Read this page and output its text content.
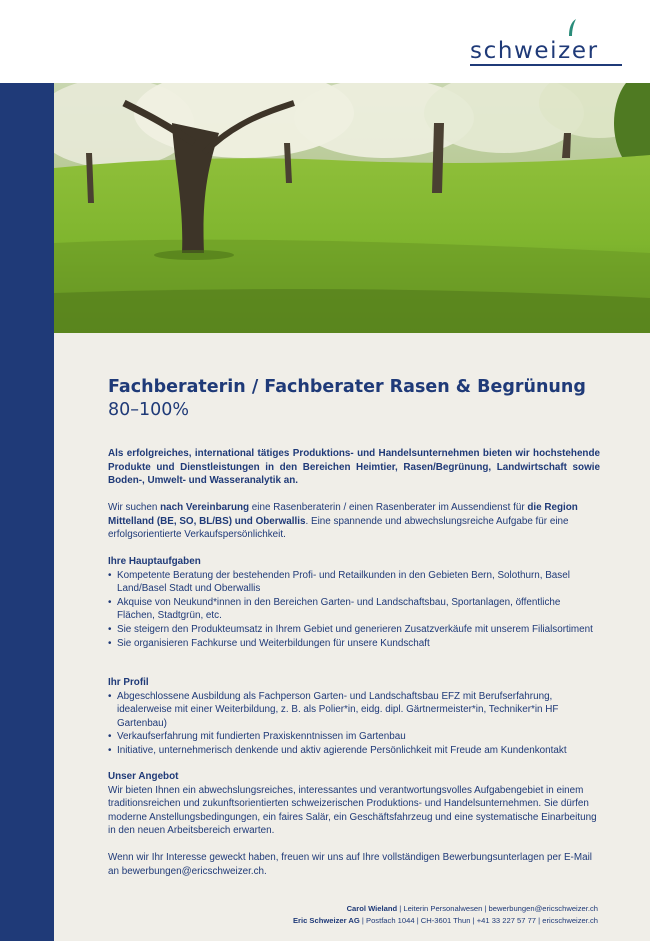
schweizer
Fachberaterin / Fachberater Rasen & Begrünung
80–100%
Als erfolgreiches, international tätiges Produktions- und Handelsunternehmen bieten wir hochstehende Produkte und Dienstleistungen in den Bereichen Heimtier, Rasen/Begrünung, Landwirtschaft sowie Boden-, Umwelt- und Wasseranalytik an.
Wir suchen nach Vereinbarung eine Rasenberaterin / einen Rasenberater im Aussendienst für die Region Mittelland (BE, SO, BL/BS) und Oberwallis. Eine spannende und abwechslungsreiche Aufgabe für eine erfolgsorientierte Verkaufspersönlichkeit.
Ihre Hauptaufgaben
• Kompetente Beratung der bestehenden Profi- und Retailkunden in den Gebieten Bern, Solothurn, Basel Land/Basel Stadt und Oberwallis
• Akquise von Neukund*innen in den Bereichen Garten- und Landschaftsbau, Sportanlagen, öffentliche Flächen, Stadtgrün, etc.
• Sie steigern den Produkteumsatz in Ihrem Gebiet und generieren Zusatzverkäufe mit unserem Filialsortiment
• Sie organisieren Fachkurse und Weiterbildungen für unsere Kundschaft
Ihr Profil
• Abgeschlossene Ausbildung als Fachperson Garten- und Landschaftsbau EFZ mit Berufserfahrung, idealerweise mit einer Weiterbildung, z. B. als Polier*in, eidg. dipl. Gärtnermeister*in, Techniker*in HF Gartenbau)
• Verkaufserfahrung mit fundierten Praxiskenntnissen im Gartenbau
• Initiative, unternehmerisch denkende und aktiv agierende Persönlichkeit mit Freude am Kundenkontakt
Unser Angebot
Wir bieten Ihnen ein abwechslungsreiches, interessantes und verantwortungsvolles Aufgabengebiet in einem traditionsreichen und zukunftsorientierten schweizerischen Produktions- und Handelsunternehmen. Sie dürfen moderne Anstellungsbedingungen, ein faires Salär, ein Geschäftsfahrzeug und eine systematische Einarbeitung in den neuen Arbeitsbereich erwarten.
Wenn wir Ihr Interesse geweckt haben, freuen wir uns auf Ihre vollständigen Bewerbungsunterlagen per E-Mail an bewerbungen@ericschweizer.ch.
Carol Wieland | Leiterin Personalwesen | bewerbungen@ericschweizer.ch
Eric Schweizer AG | Postfach 1044 | CH-3601 Thun | +41 33 227 57 77 | ericschweizer.ch
